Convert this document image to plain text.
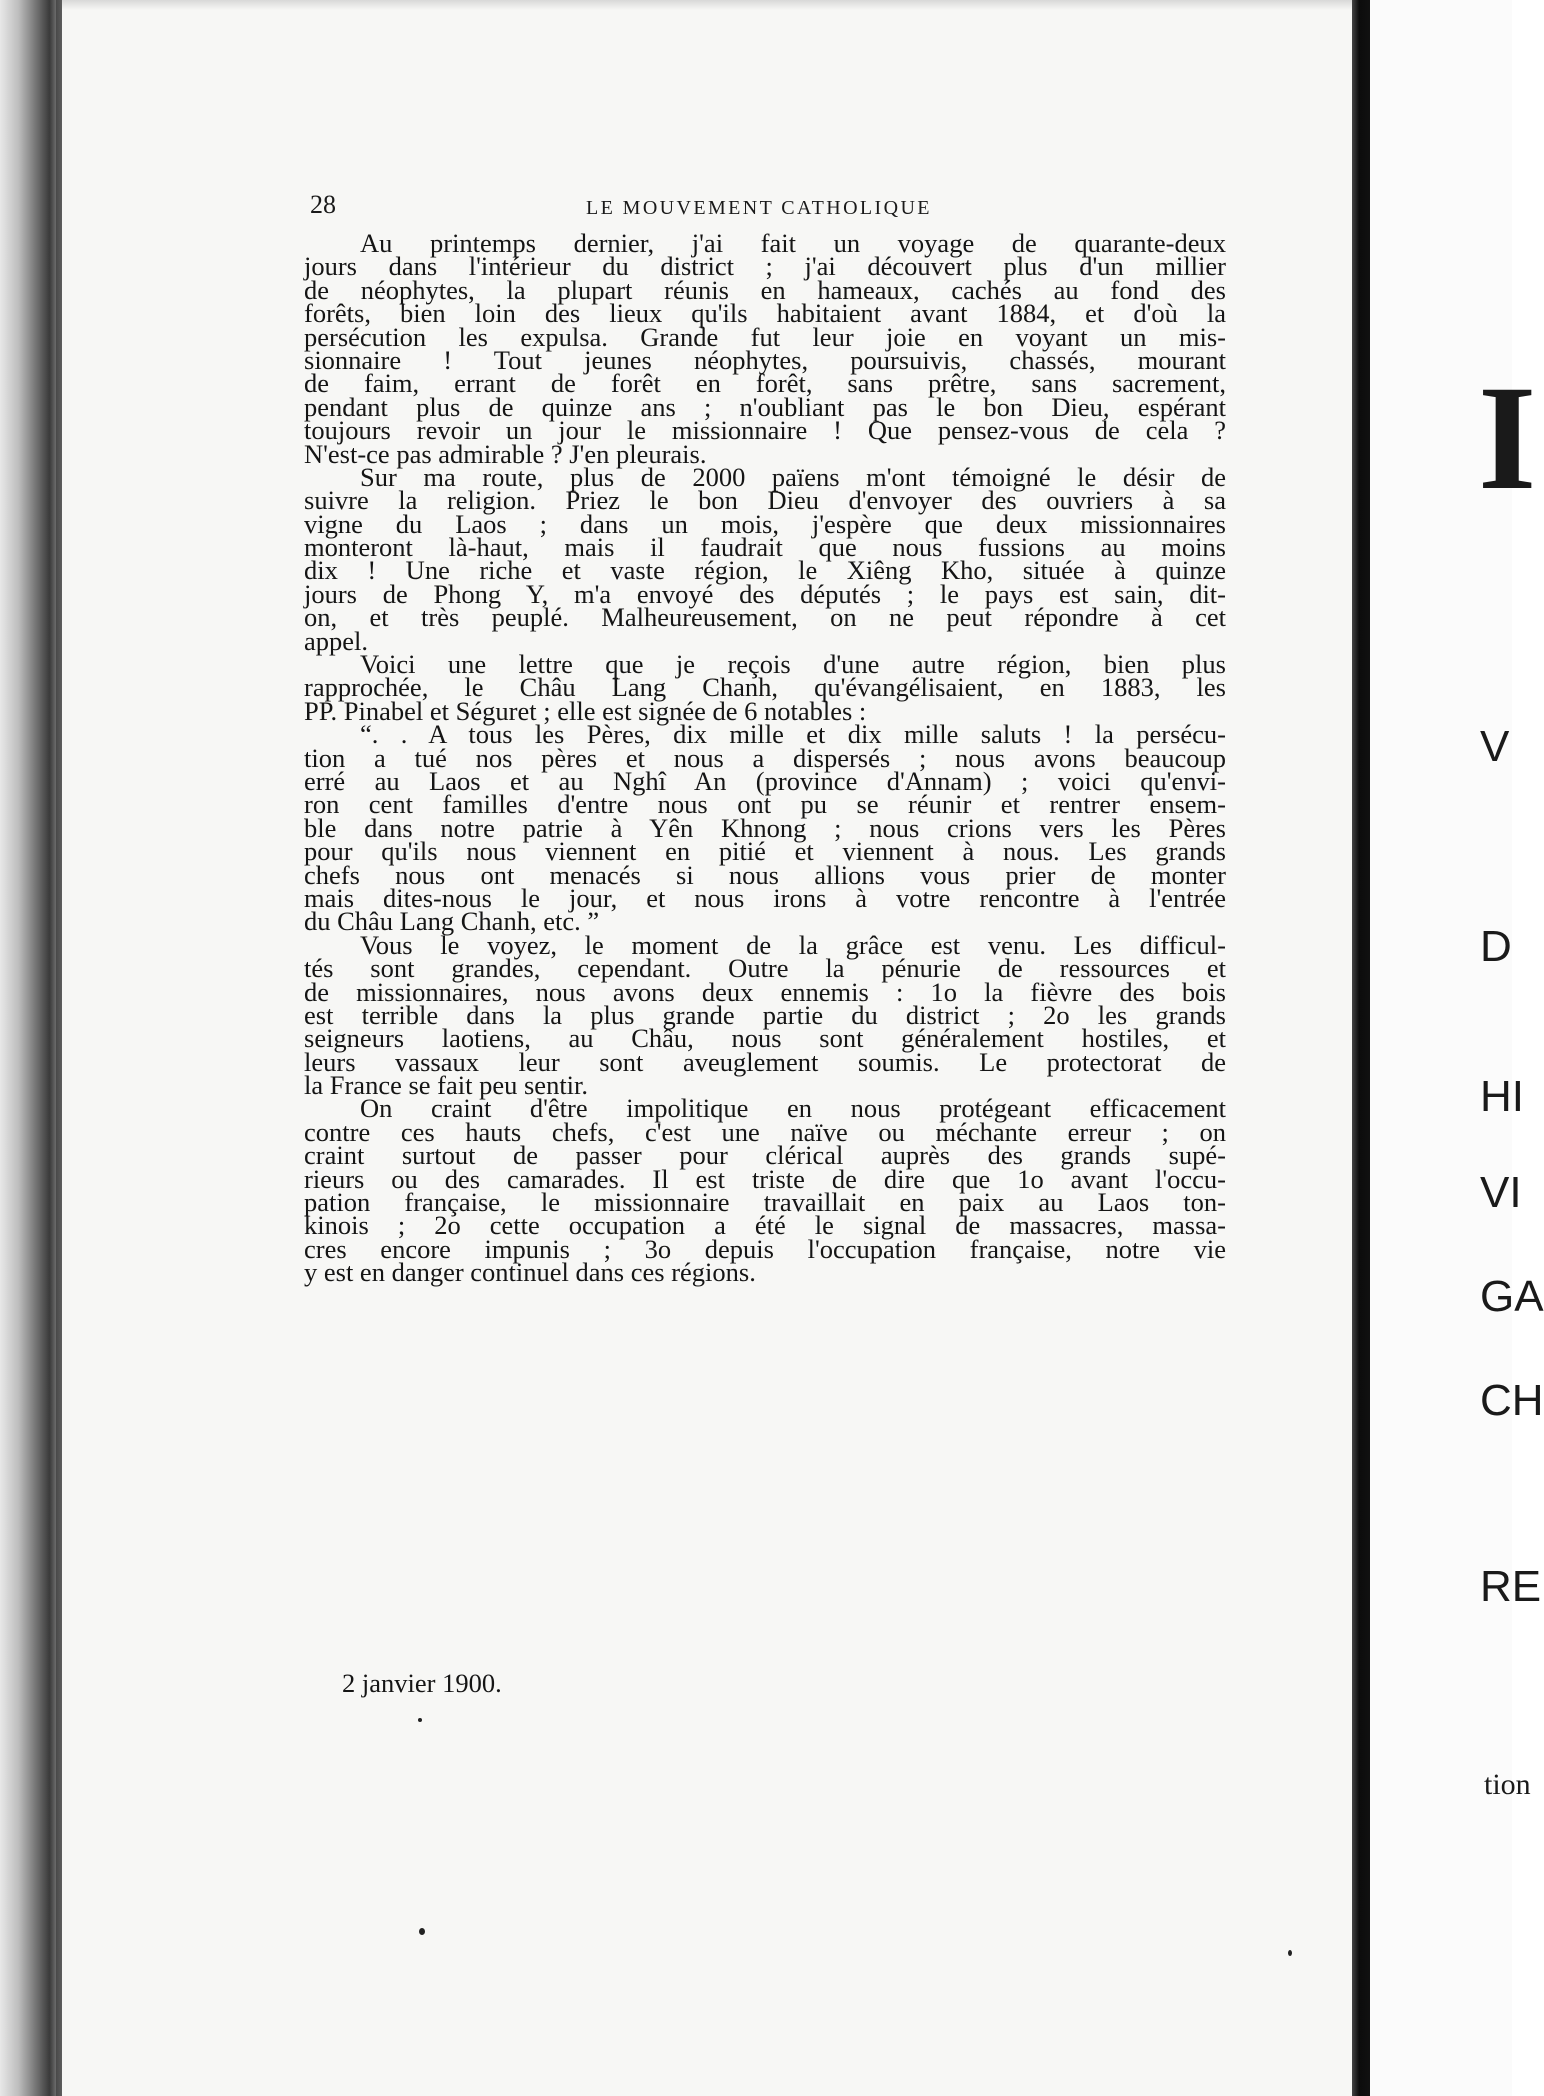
28	LE MOUVEMENT CATHOLIQUE
Au printemps dernier, j'ai fait un voyage de quarante-deux
jours dans l'intérieur du district ; j'ai découvert plus d'un millier
de néophytes, la plupart réunis en hameaux, cachés au fond des
forêts, bien loin des lieux qu'ils habitaient avant 1884, et d'où la
persécution les expulsa. Grande fut leur joie en voyant un mis-
sionnaire ! Tout jeunes néophytes, poursuivis, chassés, mourant
de faim, errant de forêt en forêt, sans prêtre, sans sacrement,
pendant plus de quinze ans ; n'oubliant pas le bon Dieu, espérant
toujours revoir un jour le missionnaire ! Que pensez-vous de cela ?
N'est-ce pas admirable ? J'en pleurais.
Sur ma route, plus de 2000 païens m'ont témoigné le désir de
suivre la religion. Priez le bon Dieu d'envoyer des ouvriers à sa
vigne du Laos ; dans un mois, j'espère que deux missionnaires
monteront là-haut, mais il faudrait que nous fussions au moins
dix ! Une riche et vaste région, le Xiêng Kho, située à quinze
jours de Phong Y, m'a envoyé des députés ; le pays est sain, dit-
on, et très peuplé. Malheureusement, on ne peut répondre à cet
appel.
Voici une lettre que je reçois d'une autre région, bien plus
rapprochée, le Châu Lang Chanh, qu'évangélisaient, en 1883, les
PP. Pinabel et Séguret ; elle est signée de 6 notables :
“. . A tous les Pères, dix mille et dix mille saluts ! la persécu-
tion a tué nos pères et nous a dispersés ; nous avons beaucoup
erré au Laos et au Nghî An (province d'Annam) ; voici qu'envi-
ron cent familles d'entre nous ont pu se réunir et rentrer ensem-
ble dans notre patrie à Yên Khnong ; nous crions vers les Pères
pour qu'ils nous viennent en pitié et viennent à nous. Les grands
chefs nous ont menacés si nous allions vous prier de monter
mais dites-nous le jour, et nous irons à votre rencontre à l'entrée
du Châu Lang Chanh, etc. ”
Vous le voyez, le moment de la grâce est venu. Les difficul-
tés sont grandes, cependant. Outre la pénurie de ressources et
de missionnaires, nous avons deux ennemis : 1o la fièvre des bois
est terrible dans la plus grande partie du district ; 2o les grands
seigneurs laotiens, au Châu, nous sont généralement hostiles, et
leurs vassaux leur sont aveuglement soumis. Le protectorat de
la France se fait peu sentir.
On craint d'être impolitique en nous protégeant efficacement
contre ces hauts chefs, c'est une naïve ou méchante erreur ; on
craint surtout de passer pour clérical auprès des grands supé-
rieurs ou des camarades. Il est triste de dire que 1o avant l'occu-
pation française, le missionnaire travaillait en paix au Laos ton-
kinois ; 2o cette occupation a été le signal de massacres, massa-
cres encore impunis ; 3o depuis l'occupation française, notre vie
y est en danger continuel dans ces régions.
2 janvier 1900.
I
V
D
HI
VI
GA
CH
RE
tion
